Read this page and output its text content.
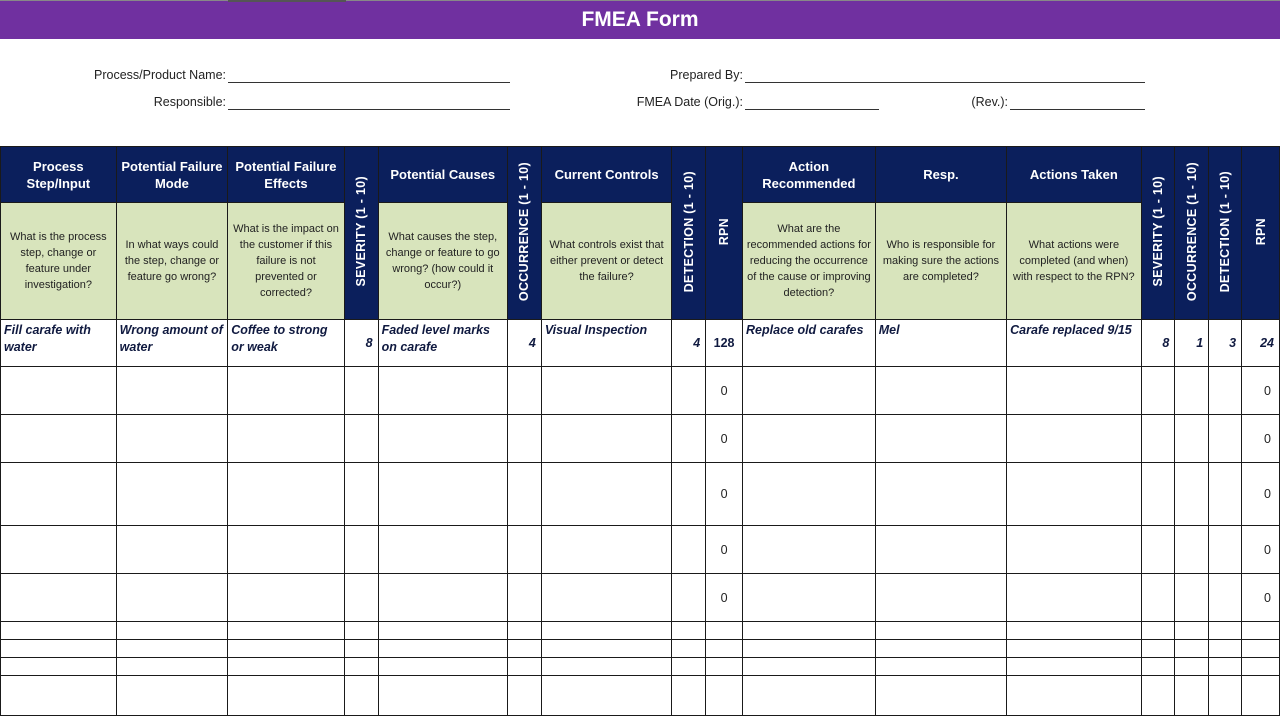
FMEA Form
Process/Product Name:
Responsible:
Prepared By:
FMEA Date (Orig.):	(Rev.):
Process Step/Input	Potential Failure Mode	Potential Failure Effects	SEVERITY (1 - 10)	Potential Causes	OCCURRENCE (1 - 10)	Current Controls	DETECTION (1 - 10)	RPN	Action Recommended	Resp.	Actions Taken	SEVERITY (1 - 10)	OCCURRENCE (1 - 10)	DETECTION (1 - 10)	RPN
What is the process step, change or feature under investigation?	In what ways could the step, change or feature go wrong?	What is the impact on the customer if this failure is not prevented or corrected?		What causes the step, change or feature to go wrong? (how could it occur?)		What controls exist that either prevent or detect the failure?			What are the recommended actions for reducing the occurrence of the cause or improving detection?	Who is responsible for making sure the actions are completed?	What actions were completed (and when) with respect to the RPN?				
Fill carafe with water	Wrong amount of water	Coffee to strong or weak	8	Faded level marks on carafe	4	Visual Inspection	4	128	Replace old carafes	Mel	Carafe replaced 9/15	8	1	3	24
								0							0
								0							0
								0							0
								0							0
								0							0
